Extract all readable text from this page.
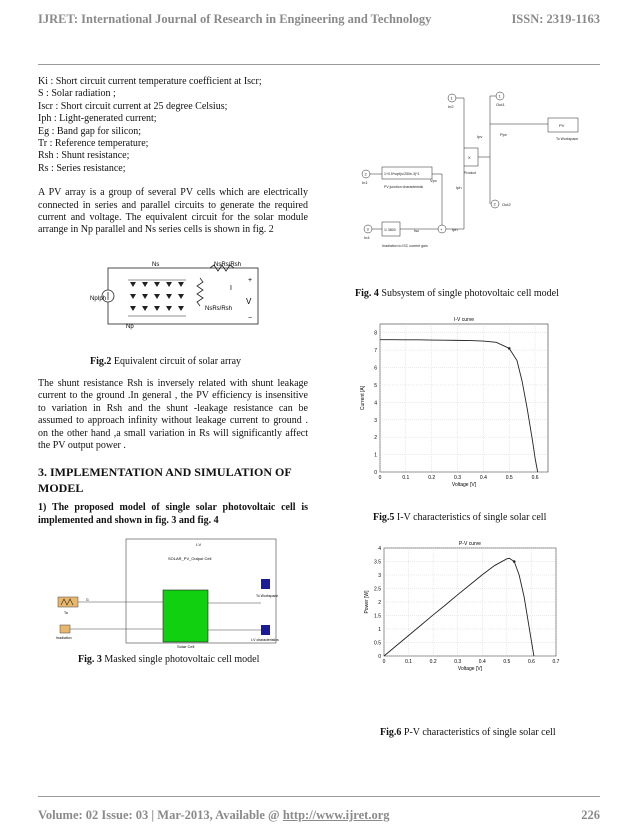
IJRET: International Journal of Research in Engineering and Technology	ISSN: 2319-1163

Ki : Short circuit current temperature coefficient at Iscr;

S : Solar radiation ;

Iscr : Short circuit current at 25 degree Celsius;

Iph : Light-generated current;

Eg : Band gap for silicon;

Tr : Reference temperature;

Rsh : Shunt resistance;

Rs : Series resistance;

A PV array is a group of several PV cells which are electrically connected in series and parallel circuits to generate the required current and voltage. The equivalent circuit for the solar module arrange in Np parallel and Ns series cells is shown in fig. 2

Ns	NsRs/Rsh
NpIph
Np
NsRs/Rsh
+
−
V
I
Fig.2 Equivalent circuit of solar array

The shunt resistance Rsh is inversely related with shunt leakage current to the ground .In general , the PV efficiency is insensitive to variation in Rsh and the shunt -leakage resistance can be assumed to approach infinity without leakage current to ground . on the other hand ,a small variation in Rs will significantly affect the PV output power .

3. IMPLEMENTATION AND SIMULATION OF MODEL

1) The proposed model of single solar photovoltaic cell is implemented and shown in fig. 3 and fig. 4

I-V
SOLAR_PV_Output Cell
Solar Cell
Ta
G
Irradiation
To Workspace
I-V characteristics
Fig. 3 Masked single photovoltaic cell model
1
In2
2
In1
3
In4
1+0.5*sqrt(u/250e-3)*1
PV junction characteristic
1/ 3800
Irradiation to ISC current gain
X
Product
+ Iph
1
Out1
2 Out2
PV
To Workspace
Vpv
Ipv	Ppv
Isc
Iph
Fig. 4 Subsystem of single photovoltaic cell model
I-V curve
0	0.1	0.2	0.3	0.4	0.5	0.6
0
1
2
3
4
5
6
7
8
Voltage [V]
Current [A]
Fig.5 I-V characteristics of single solar cell
P-V curve
0	0.1	0.2	0.3	0.4	0.5	0.6	0.7
0
0.5
1
1.5
2
2.5
3
3.5
4
Voltage [V]
Power [W]
Fig.6 P-V characteristics of single solar cell
Volume: 02 Issue: 03 | Mar-2013, Available @ http://www.ijret.org	226
